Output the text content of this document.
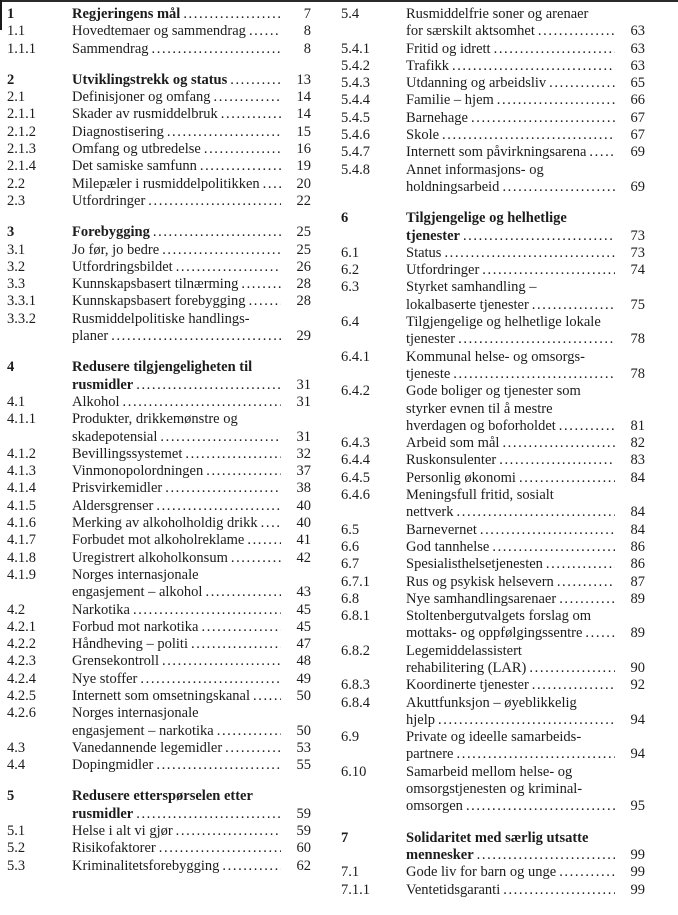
1	Regjeringens mål .....	7
1.1	Hovedtemaer og sammendrag .....	8
1.1.1	Sammendrag .....	8
2	Utviklingstrekk og status .....	13
2.1	Definisjoner og omfang .....	14
2.1.1	Skader av rusmiddelbruk .....	14
2.1.2	Diagnostisering .....	15
2.1.3	Omfang og utbredelse .....	16
2.1.4	Det samiske samfunn .....	19
2.2	Milepæler i rusmiddelpolitikken .....	20
2.3	Utfordringer .....	22
3	Forebygging .....	25
3.1	Jo før, jo bedre .....	25
3.2	Utfordringsbildet .....	26
3.3	Kunnskapsbasert tilnærming .....	28
3.3.1	Kunnskapsbasert forebygging .....	28
3.3.2	Rusmiddelpolitiske handlings-
planer .....	29
4	Redusere tilgjengeligheten til
rusmidler .....	31
4.1	Alkohol .....	31
4.1.1	Produkter, drikkemønstre og
skadepotensial .....	31
4.1.2	Bevillingssystemet .....	32
4.1.3	Vinmonopolordningen .....	37
4.1.4	Prisvirkemidler .....	38
4.1.5	Aldersgrenser .....	40
4.1.6	Merking av alkoholholdig drikk .....	40
4.1.7	Forbudet mot alkoholreklame .....	41
4.1.8	Uregistrert alkoholkonsum .....	42
4.1.9	Norges internasjonale
engasjement – alkohol .....	43
4.2	Narkotika .....	45
4.2.1	Forbud mot narkotika .....	45
4.2.2	Håndheving – politi .....	47
4.2.3	Grensekontroll .....	48
4.2.4	Nye stoffer .....	49
4.2.5	Internett som omsetningskanal .....	50
4.2.6	Norges internasjonale
engasjement – narkotika .....	50
4.3	Vanedannende legemidler .....	53
4.4	Dopingmidler .....	55
5	Redusere etterspørselen etter
rusmidler .....	59
5.1	Helse i alt vi gjør .....	59
5.2	Risikofaktorer .....	60
5.3	Kriminalitetsforebygging .....	62
5.4	Rusmiddelfrie soner og arenaer
for særskilt aktsomhet .....	63
5.4.1	Fritid og idrett .....	63
5.4.2	Trafikk .....	63
5.4.3	Utdanning og arbeidsliv .....	65
5.4.4	Familie – hjem .....	66
5.4.5	Barnehage .....	67
5.4.6	Skole .....	67
5.4.7	Internett som påvirkningsarena .....	69
5.4.8	Annet informasjons- og
holdningsarbeid .....	69
6	Tilgjengelige og helhetlige
tjenester .....	73
6.1	Status .....	73
6.2	Utfordringer .....	74
6.3	Styrket samhandling –
lokalbaserte tjenester .....	75
6.4	Tilgjengelige og helhetlige lokale
tjenester .....	78
6.4.1	Kommunal helse- og omsorgs-
tjeneste .....	78
6.4.2	Gode boliger og tjenester som
styrker evnen til å mestre
hverdagen og boforholdet .....	81
6.4.3	Arbeid som mål .....	82
6.4.4	Ruskonsulenter .....	83
6.4.5	Personlig økonomi .....	84
6.4.6	Meningsfull fritid, sosialt
nettverk .....	84
6.5	Barnevernet .....	84
6.6	God tannhelse .....	86
6.7	Spesialisthelsetjenesten .....	86
6.7.1	Rus og psykisk helsevern .....	87
6.8	Nye samhandlingsarenaer .....	89
6.8.1	Stoltenbergutvalgets forslag om
mottaks- og oppfølgingssentre .....	89
6.8.2	Legemiddelassistert
rehabilitering (LAR) .....	90
6.8.3	Koordinerte tjenester .....	92
6.8.4	Akuttfunksjon – øyeblikkelig
hjelp .....	94
6.9	Private og ideelle samarbeids-
partnere .....	94
6.10	Samarbeid mellom helse- og
omsorgstjenesten og kriminal-
omsorgen .....	95
7	Solidaritet med særlig utsatte
mennesker .....	99
7.1	Gode liv for barn og unge .....	99
7.1.1	Ventetidsgaranti .....	99
